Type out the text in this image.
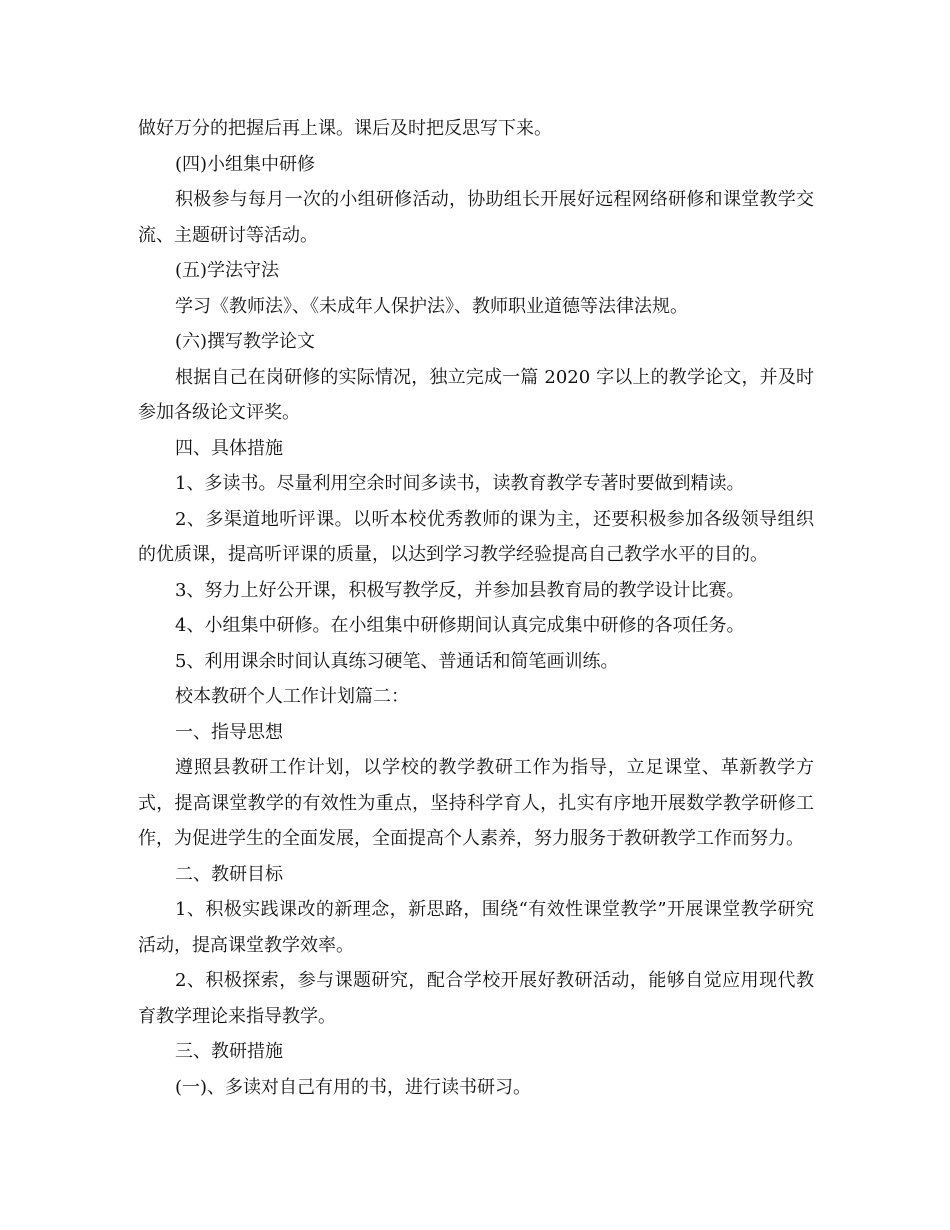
做好万分的把握后再上课。课后及时把反思写下来。

(四)小组集中研修

积极参与每月一次的小组研修活动，协助组长开展好远程网络研修和课堂教学交流、主题研讨等活动。

(五)学法守法

学习《教师法》、《未成年人保护法》、教师职业道德等法律法规。

(六)撰写教学论文

根据自己在岗研修的实际情况，独立完成一篇 2020 字以上的教学论文，并及时参加各级论文评奖。

四、具体措施

1、多读书。尽量利用空余时间多读书，读教育教学专著时要做到精读。

2、多渠道地听评课。以听本校优秀教师的课为主，还要积极参加各级领导组织的优质课，提高听评课的质量，以达到学习教学经验提高自己教学水平的目的。

3、努力上好公开课，积极写教学反，并参加县教育局的教学设计比赛。

4、小组集中研修。在小组集中研修期间认真完成集中研修的各项任务。

5、利用课余时间认真练习硬笔、普通话和简笔画训练。

校本教研个人工作计划篇二：

一、指导思想

遵照县教研工作计划，以学校的教学教研工作为指导，立足课堂、革新教学方式，提高课堂教学的有效性为重点，坚持科学育人，扎实有序地开展数学教学研修工作，为促进学生的全面发展，全面提高个人素养，努力服务于教研教学工作而努力。

二、教研目标

1、积极实践课改的新理念，新思路，围绕“有效性课堂教学”开展课堂教学研究活动，提高课堂教学效率。

2、积极探索，参与课题研究，配合学校开展好教研活动，能够自觉应用现代教育教学理论来指导教学。

三、教研措施

(一)、多读对自己有用的书，进行读书研习。
